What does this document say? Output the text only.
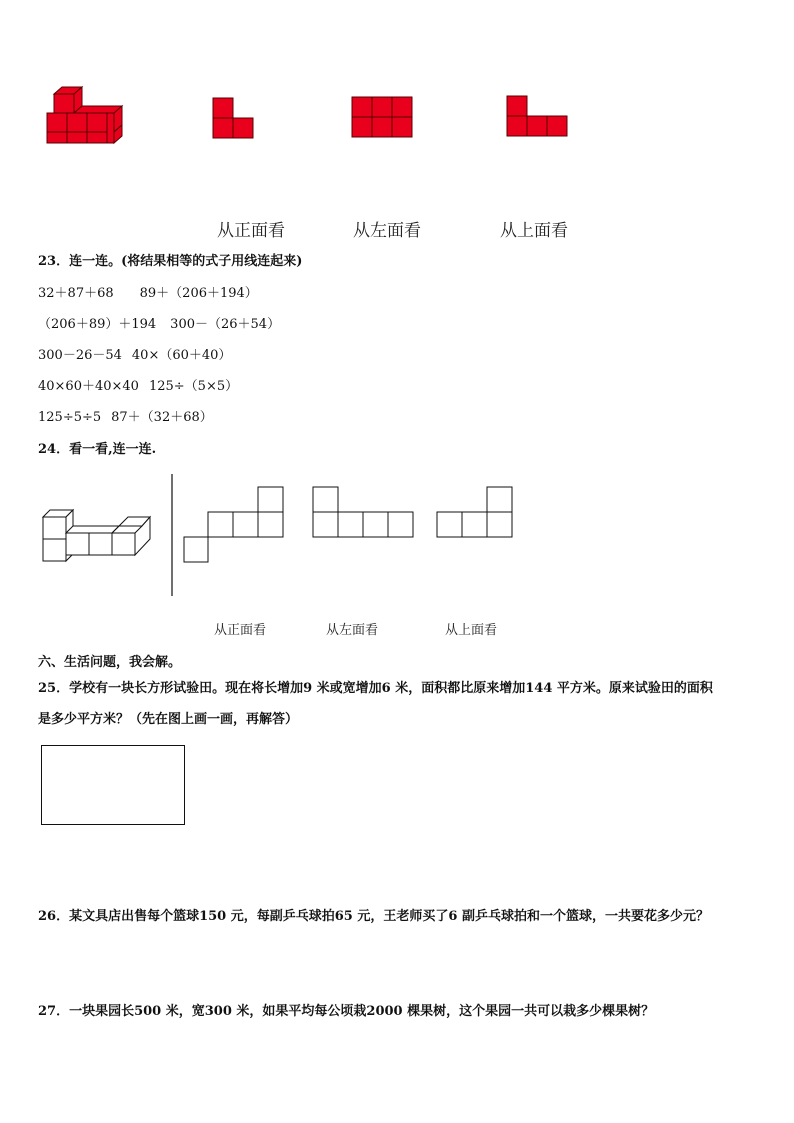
从正面看	从左面看	从上面看
23．连一连。(将结果相等的式子用线连起来)
32＋87＋68 89＋（206＋194）
（206＋89）＋194 300－（26＋54）
300－26－54 40×（60＋40）
40×60＋40×40 125÷（5×5）
125÷5÷5 87＋（32＋68）
24．看一看,连一连.
从正面看	从左面看	从上面看
六、生活问题，我会解。
25．学校有一块长方形试验田。现在将长增加9 米或宽增加6 米，面积都比原来增加144 平方米。原来试验田的面积
是多少平方米？（先在图上画一画，再解答）
26．某文具店出售每个篮球150 元，每副乒乓球拍65 元，王老师买了6 副乒乓球拍和一个篮球，一共要花多少元？
27．一块果园长500 米，宽300 米，如果平均每公顷栽2000 棵果树，这个果园一共可以栽多少棵果树？
